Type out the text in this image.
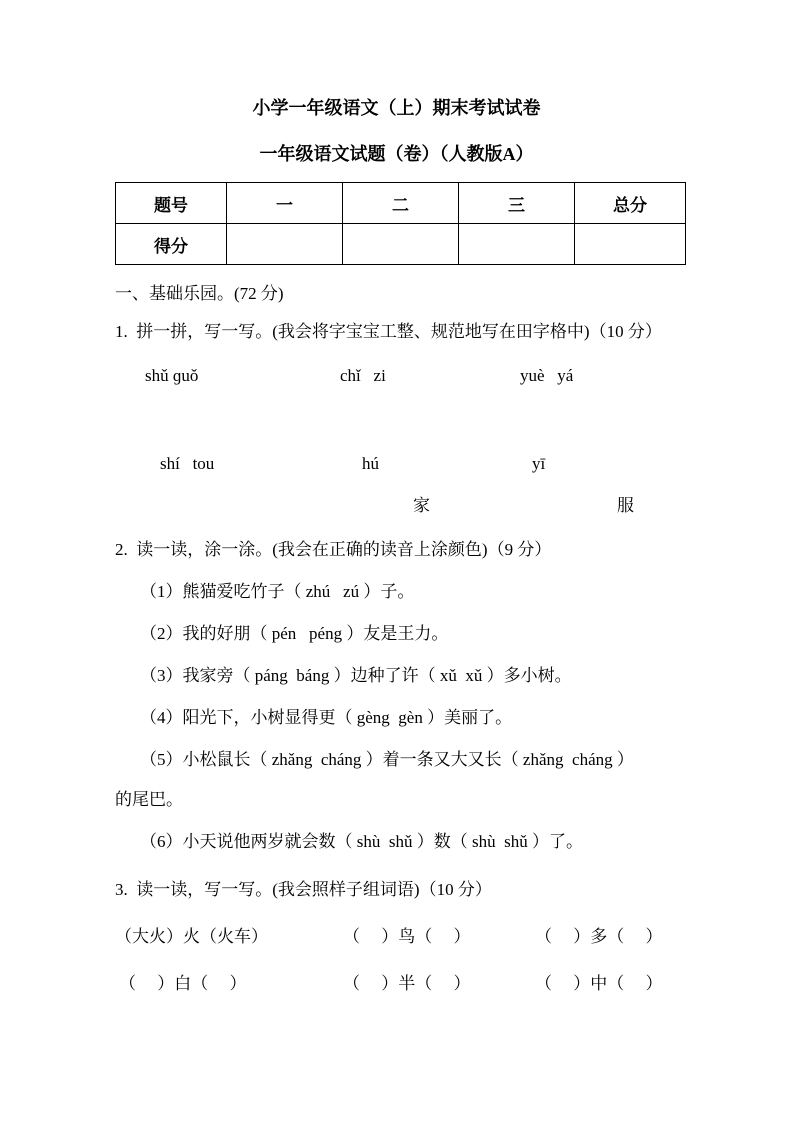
小学一年级语文（上）期末考试试卷
一年级语文试题（卷）（人教版A）
题号	一	二	三	总分
得分				
一、基础乐园。(72 分)
1.  拼一拼，写一写。(我会将字宝宝工整、规范地写在田字格中)（10 分）
shǔ ɡuǒ	chǐ   zi	yuè   yá
shí   tou	hú	yī
家	服
2.  读一读，涂一涂。(我会在正确的读音上涂颜色)（9 分）
（1）熊猫爱吃竹子（ zhú   zú ）子。
（2）我的好朋（ pén   péng ）友是王力。
（3）我家旁（ páng  báng ）边种了许（ xǔ  xǔ ）多小树。
（4）阳光下，小树显得更（ gèng  gèn ）美丽了。
（5）小松鼠长（ zhǎng  cháng ）着一条又大又长（ zhǎng  cháng ）
的尾巴。
（6）小天说他两岁就会数（ shù  shǔ ）数（ shù  shǔ ）了。
3.  读一读，写一写。(我会照样子组词语)（10 分）
（大火）火（火车）	（　 ）鸟（　 ）	（　 ）多（　 ）
（　 ）白（　 ）	（　 ）半（　 ）	（　 ）中（　 ）
